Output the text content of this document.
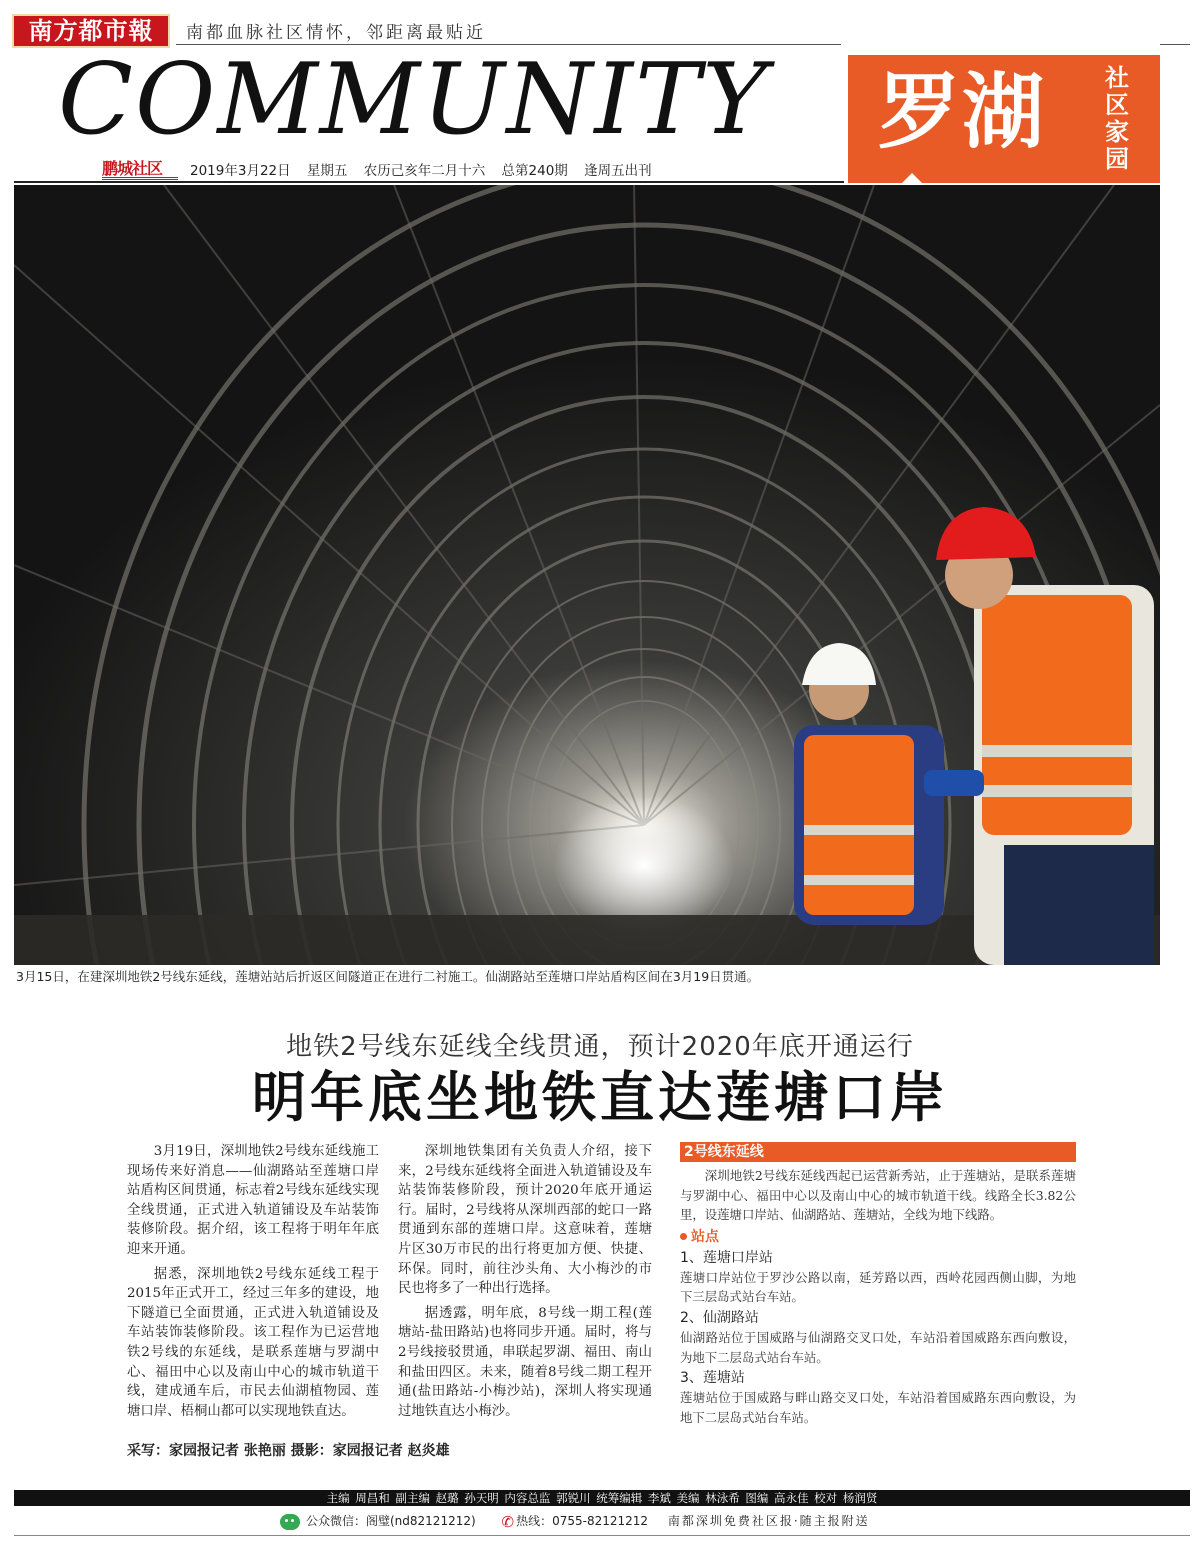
南方都市報	南都血脉社区情怀，邻距离最贴近
COMMUNITY
鹏城社区	2019年3月22日 星期五 农历己亥年二月十六 总第240期 逢周五出刊
罗湖 社区家园
3月15日，在建深圳地铁2号线东延线，莲塘站站后折返区间隧道正在进行二衬施工。仙湖路站至莲塘口岸站盾构区间在3月19日贯通。
地铁2号线东延线全线贯通，预计2020年底开通运行
明年底坐地铁直达莲塘口岸

3月19日，深圳地铁2号线东延线施工现场传来好消息——仙湖路站至莲塘口岸站盾构区间贯通，标志着2号线东延线实现全线贯通，正式进入轨道铺设及车站装饰装修阶段。据介绍，该工程将于明年年底迎来开通。

据悉，深圳地铁2号线东延线工程于2015年正式开工，经过三年多的建设，地下隧道已全面贯通，正式进入轨道铺设及车站装饰装修阶段。该工程作为已运营地铁2号线的东延线，是联系莲塘与罗湖中心、福田中心以及南山中心的城市轨道干线，建成通车后，市民去仙湖植物园、莲塘口岸、梧桐山都可以实现地铁直达。

深圳地铁集团有关负责人介绍，接下来，2号线东延线将全面进入轨道铺设及车站装饰装修阶段，预计2020年底开通运行。届时，2号线将从深圳西部的蛇口一路贯通到东部的莲塘口岸。这意味着，莲塘片区30万市民的出行将更加方便、快捷、环保。同时，前往沙头角、大小梅沙的市民也将多了一种出行选择。

据透露，明年底，8号线一期工程(莲塘站-盐田路站)也将同步开通。届时，将与2号线接驳贯通，串联起罗湖、福田、南山和盐田四区。未来，随着8号线二期工程开通(盐田路站-小梅沙站)，深圳人将实现通过地铁直达小梅沙。

采写：家园报记者 张艳丽 摄影：家园报记者 赵炎雄
2号线东延线
深圳地铁2号线东延线西起已运营新秀站，止于莲塘站，是联系莲塘与罗湖中心、福田中心以及南山中心的城市轨道干线。线路全长3.82公里，设莲塘口岸站、仙湖路站、莲塘站，全线为地下线路。
站点
1、莲塘口岸站
莲塘口岸站位于罗沙公路以南，延芳路以西，西岭花园西侧山脚，为地下三层岛式站台车站。
2、仙湖路站
仙湖路站位于国威路与仙湖路交叉口处，车站沿着国威路东西向敷设，为地下二层岛式站台车站。
3、莲塘站
莲塘站位于国威路与畔山路交叉口处，车站沿着国威路东西向敷设，为地下二层岛式站台车站。
主编 周昌和 副主编 赵璐 孙天明 内容总监 郭锐川 统筹编辑 李斌 美编 林泳希 图编 高永佳 校对 杨润贤
公众微信：阁璧(nd82121212) ✆ 热线：0755-82121212 南都深圳免费社区报·随主报附送
